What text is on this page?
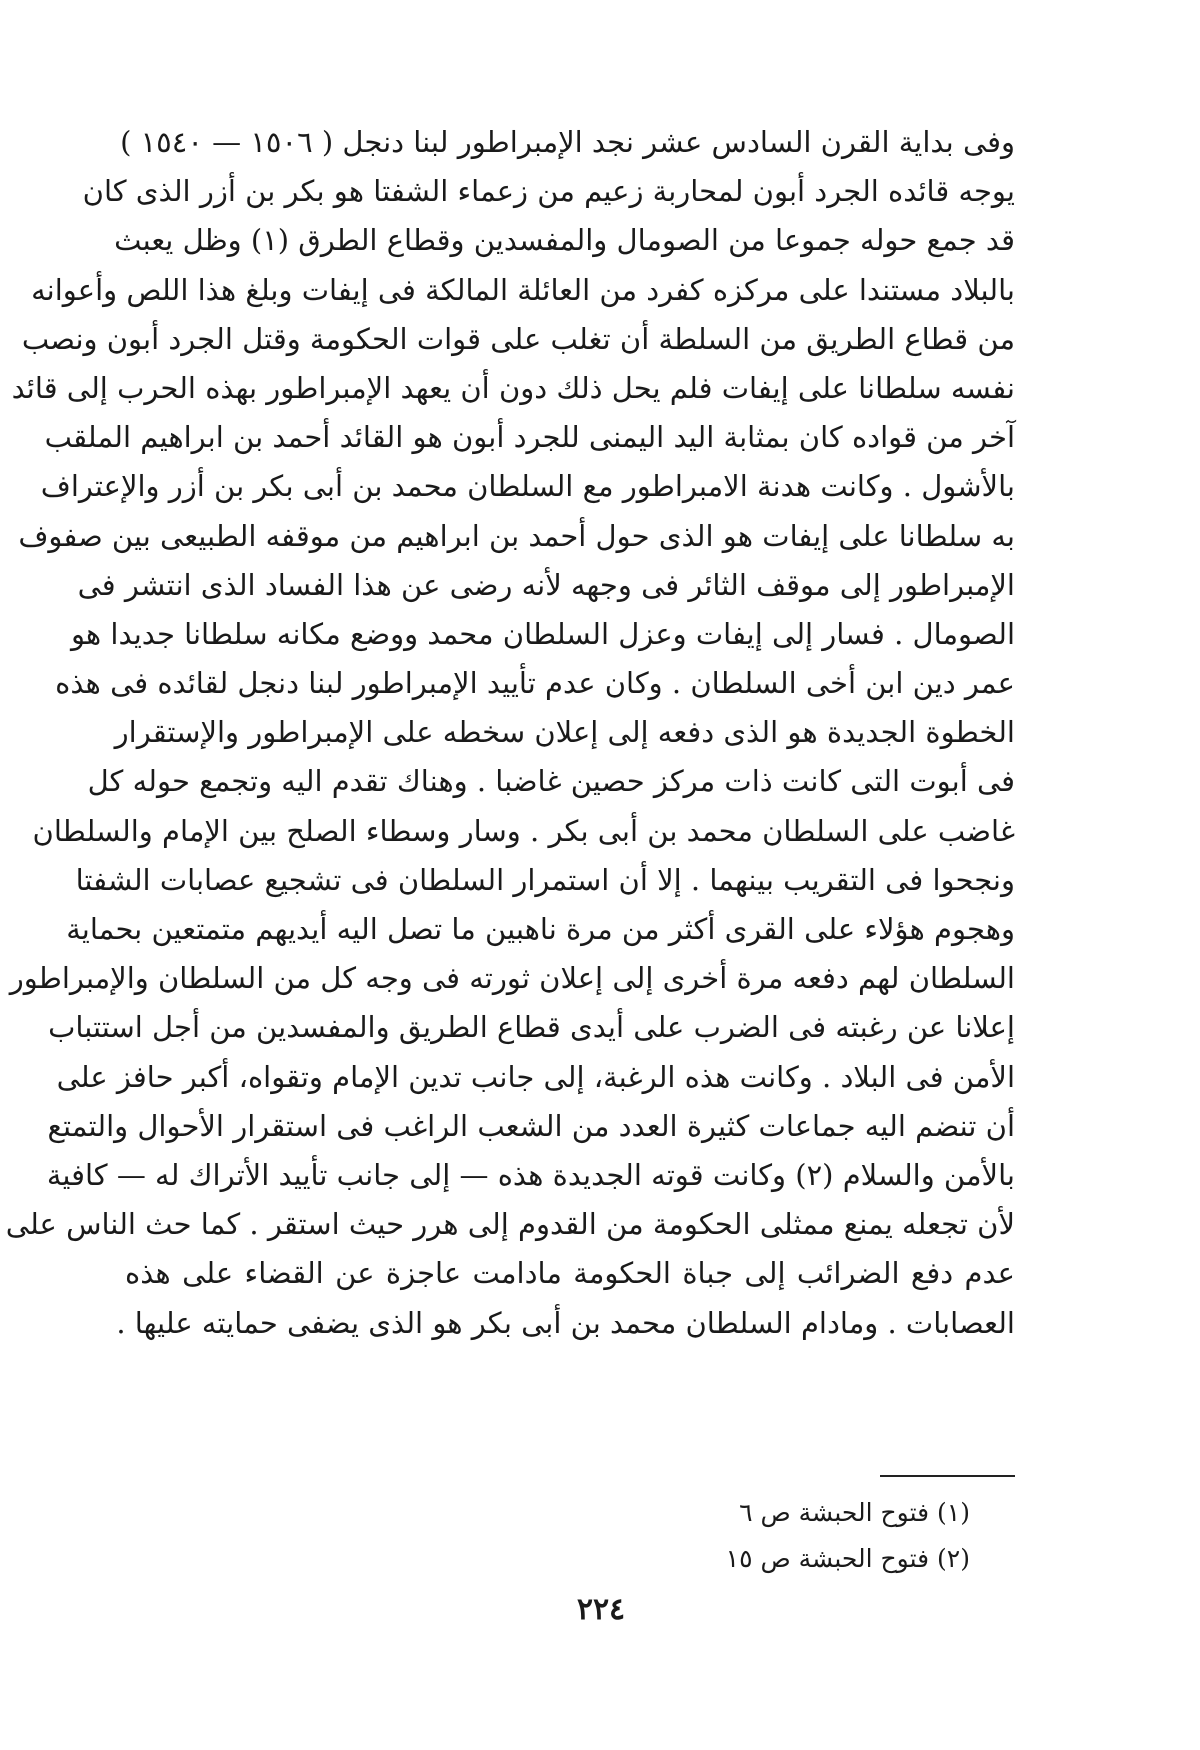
وفى بداية القرن السادس عشر نجد الإمبراطور لبنا دنجل ( ١٥٠٦ — ١٥٤٠ )
يوجه قائده الجرد أبون لمحاربة زعيم من زعماء الشفتا هو بكر بن أزر الذى كان
قد جمع حوله جموعا من الصومال والمفسدين وقطاع الطرق (١) وظل يعبث
بالبلاد مستندا على مركزه كفرد من العائلة المالكة فى إيفات وبلغ هذا اللص وأعوانه
من قطاع الطريق من السلطة أن تغلب على قوات الحكومة وقتل الجرد أبون ونصب
نفسه سلطانا على إيفات فلم يحل ذلك دون أن يعهد الإمبراطور بهذه الحرب إلى قائد
آخر من قواده كان بمثابة اليد اليمنى للجرد أبون هو القائد أحمد بن ابراهيم الملقب
بالأشول . وكانت هدنة الامبراطور مع السلطان محمد بن أبى بكر بن أزر والإعتراف
به سلطانا على إيفات هو الذى حول أحمد بن ابراهيم من موقفه الطبيعى بين صفوف
الإمبراطور إلى موقف الثائر فى وجهه لأنه رضى عن هذا الفساد الذى انتشر فى
الصومال . فسار إلى إيفات وعزل السلطان محمد ووضع مكانه سلطانا جديدا هو
عمر دين ابن أخى السلطان . وكان عدم تأييد الإمبراطور لبنا دنجل لقائده فى هذه
الخطوة الجديدة هو الذى دفعه إلى إعلان سخطه على الإمبراطور والإستقرار
فى أبوت التى كانت ذات مركز حصين غاضبا . وهناك تقدم اليه وتجمع حوله كل
غاضب على السلطان محمد بن أبى بكر . وسار وسطاء الصلح بين الإمام والسلطان
ونجحوا فى التقريب بينهما . إلا أن استمرار السلطان فى تشجيع عصابات الشفتا
وهجوم هؤلاء على القرى أكثر من مرة ناهبين ما تصل اليه أيديهم متمتعين بحماية
السلطان لهم دفعه مرة أخرى إلى إعلان ثورته فى وجه كل من السلطان والإمبراطور
إعلانا عن رغبته فى الضرب على أيدى قطاع الطريق والمفسدين من أجل استتباب
الأمن فى البلاد . وكانت هذه الرغبة، إلى جانب تدين الإمام وتقواه، أكبر حافز على
أن تنضم اليه جماعات كثيرة العدد من الشعب الراغب فى استقرار الأحوال والتمتع
بالأمن والسلام (٢) وكانت قوته الجديدة هذه — إلى جانب تأييد الأتراك له — كافية
لأن تجعله يمنع ممثلى الحكومة من القدوم إلى هرر حيث استقر . كما حث الناس على
عدم دفع الضرائب إلى جباة الحكومة مادامت عاجزة عن القضاء على هذه
العصابات . ومادام السلطان محمد بن أبى بكر هو الذى يضفى حمايته عليها .
(١) فتوح الحبشة ص ٦
(٢) فتوح الحبشة ص ١٥
٢٢٤
